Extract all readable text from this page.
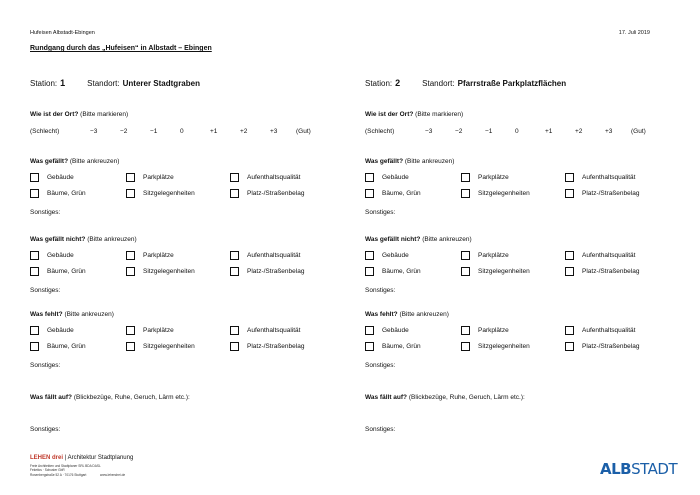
Hufeisen Albstadt-Ebingen	17. Juli 2019
Rundgang durch das „Hufeisen“ in Albstadt – Ebingen
Station: 1	Standort: Unterer Stadtgraben
Wie ist der Ort? (Bitte markieren)
(Schlecht)	−3	−2	−1	0	+1	+2	+3	(Gut)
Was gefällt? (Bitte ankreuzen)
Gebäude	Parkplätze	Aufenthaltsqualität
Bäume, Grün	Sitzgelegenheiten	Platz-/Straßenbelag
Sonstiges:
Was gefällt nicht? (Bitte ankreuzen)
Gebäude	Parkplätze	Aufenthaltsqualität
Bäume, Grün	Sitzgelegenheiten	Platz-/Straßenbelag
Sonstiges:
Was fehlt? (Bitte ankreuzen)
Gebäude	Parkplätze	Aufenthaltsqualität
Bäume, Grün	Sitzgelegenheiten	Platz-/Straßenbelag
Sonstiges:
Was fällt auf? (Blickbezüge, Ruhe, Geruch, Lärm etc.):
Sonstiges:
Station: 2	Standort: Pfarrstraße Parkplatzflächen
Wie ist der Ort? (Bitte markieren)
(Schlecht)	−3	−2	−1	0	+1	+2	+3	(Gut)
Was gefällt? (Bitte ankreuzen)
Gebäude	Parkplätze	Aufenthaltsqualität
Bäume, Grün	Sitzgelegenheiten	Platz-/Straßenbelag
Sonstiges:
Was gefällt nicht? (Bitte ankreuzen)
Gebäude	Parkplätze	Aufenthaltsqualität
Bäume, Grün	Sitzgelegenheiten	Platz-/Straßenbelag
Sonstiges:
Was fehlt? (Bitte ankreuzen)
Gebäude	Parkplätze	Aufenthaltsqualität
Bäume, Grün	Sitzgelegenheiten	Platz-/Straßenbelag
Sonstiges:
Was fällt auf? (Blickbezüge, Ruhe, Geruch, Lärm etc.):
Sonstiges:
LEHEN drei | Architektur Stadtplanung
Freie Architekten und Stadtplaner SRL BDA DASL
Feketics · Schuster GbR
Rosenbergstraße 52 A · 70176 Stuttgart	www.lehendrei.de	ALBSTADT
